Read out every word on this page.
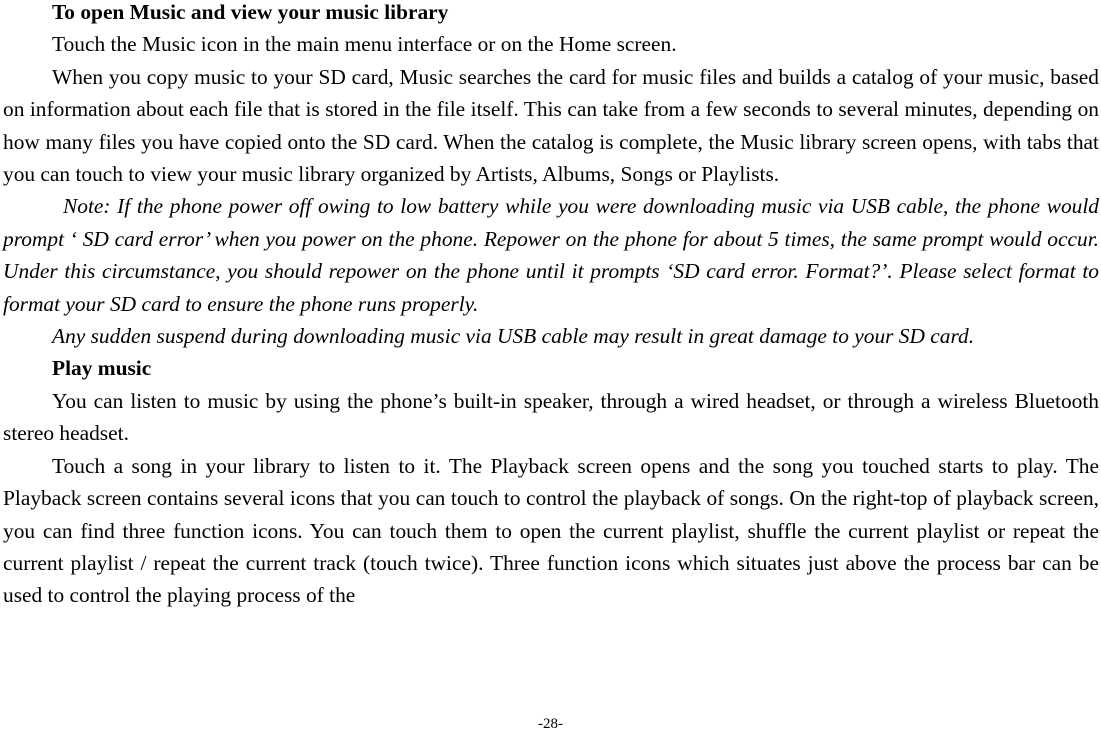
To open Music and view your music library

Touch the Music icon in the main menu interface or on the Home screen.

When you copy music to your SD card, Music searches the card for music files and builds a catalog of your music, based on information about each file that is stored in the file itself. This can take from a few seconds to several minutes, depending on how many files you have copied onto the SD card. When the catalog is complete, the Music library screen opens, with tabs that you can touch to view your music library organized by Artists, Albums, Songs or Playlists.

Note: If the phone power off owing to low battery while you were downloading music via USB cable, the phone would prompt ‘ SD card error’ when you power on the phone. Repower on the phone for about 5 times, the same prompt would occur. Under this circumstance, you should repower on the phone until it prompts ‘SD card error. Format?’. Please select format to format your SD card to ensure the phone runs properly.

Any sudden suspend during downloading music via USB cable may result in great damage to your SD card.

Play music

You can listen to music by using the phone’s built-in speaker, through a wired headset, or through a wireless Bluetooth stereo headset.

Touch a song in your library to listen to it. The Playback screen opens and the song you touched starts to play. The Playback screen contains several icons that you can touch to control the playback of songs. On the right-top of playback screen, you can find three function icons. You can touch them to open the current playlist, shuffle the current playlist or repeat the current playlist / repeat the current track (touch twice). Three function icons which situates just above the process bar can be used to control the playing process of the

-28-
